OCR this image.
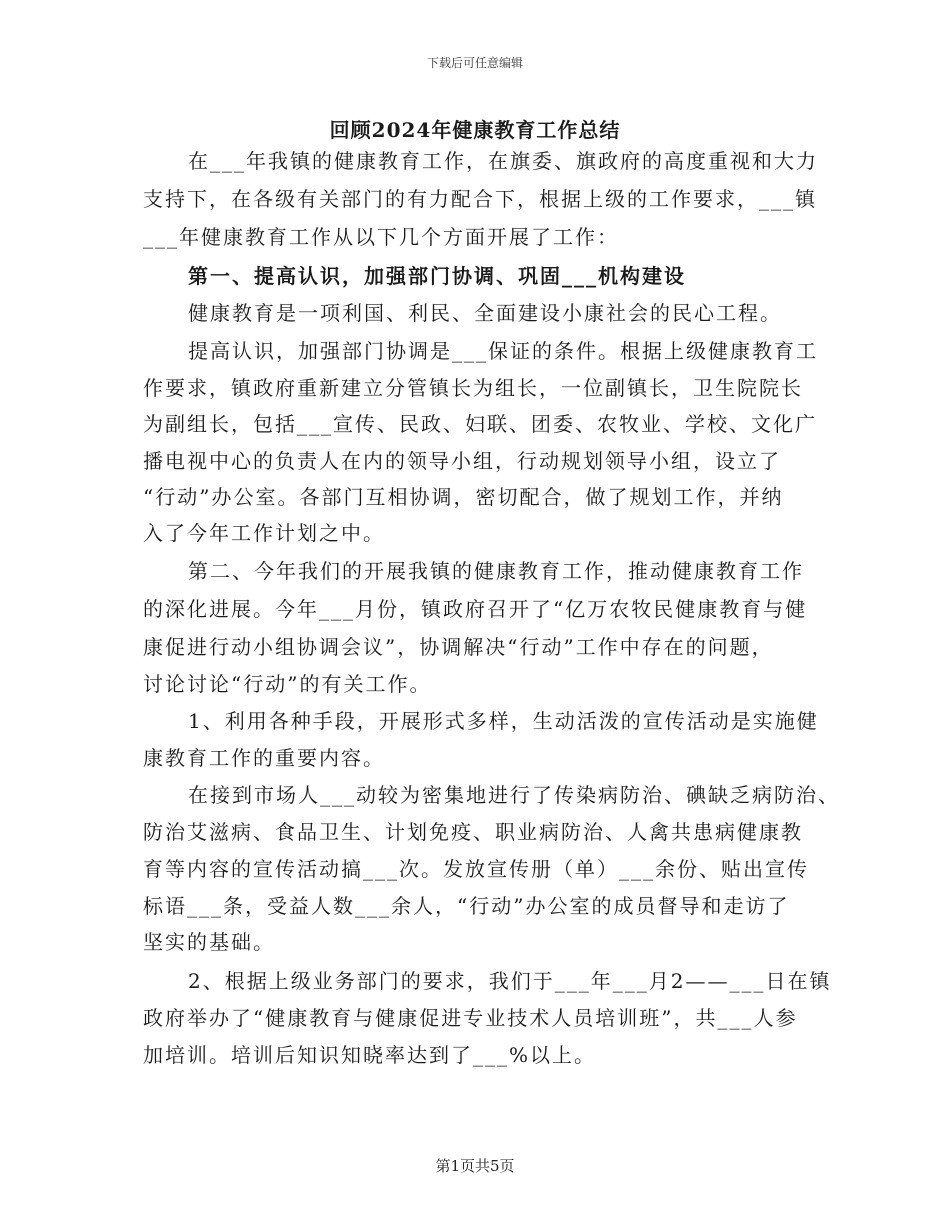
下载后可任意编辑
回顾2024年健康教育工作总结
在___年我镇的健康教育工作，在旗委、旗政府的高度重视和大力
支持下，在各级有关部门的有力配合下，根据上级的工作要求，___镇
___年健康教育工作从以下几个方面开展了工作：
第一、提高认识，加强部门协调、巩固___机构建设
健康教育是一项利国、利民、全面建设小康社会的民心工程。
提高认识，加强部门协调是___保证的条件。根据上级健康教育工
作要求，镇政府重新建立分管镇长为组长，一位副镇长，卫生院院长
为副组长，包括___宣传、民政、妇联、团委、农牧业、学校、文化广
播电视中心的负责人在内的领导小组，行动规划领导小组，设立了
“行动”办公室。各部门互相协调，密切配合，做了规划工作，并纳
入了今年工作计划之中。
第二、今年我们的开展我镇的健康教育工作，推动健康教育工作
的深化进展。今年___月份，镇政府召开了“亿万农牧民健康教育与健
康促进行动小组协调会议”，协调解决“行动”工作中存在的问题，
讨论讨论“行动”的有关工作。
1、利用各种手段，开展形式多样，生动活泼的宣传活动是实施健
康教育工作的重要内容。
在接到市场人___动较为密集地进行了传染病防治、碘缺乏病防治、
防治艾滋病、食品卫生、计划免疫、职业病防治、人禽共患病健康教
育等内容的宣传活动搞___次。发放宣传册（单）___余份、贴出宣传
标语___条，受益人数___余人，“行动”办公室的成员督导和走访了
坚实的基础。
2、根据上级业务部门的要求，我们于___年___月2——___日在镇
政府举办了“健康教育与健康促进专业技术人员培训班”，共___人参
加培训。培训后知识知晓率达到了___%以上。
第1页共5页
